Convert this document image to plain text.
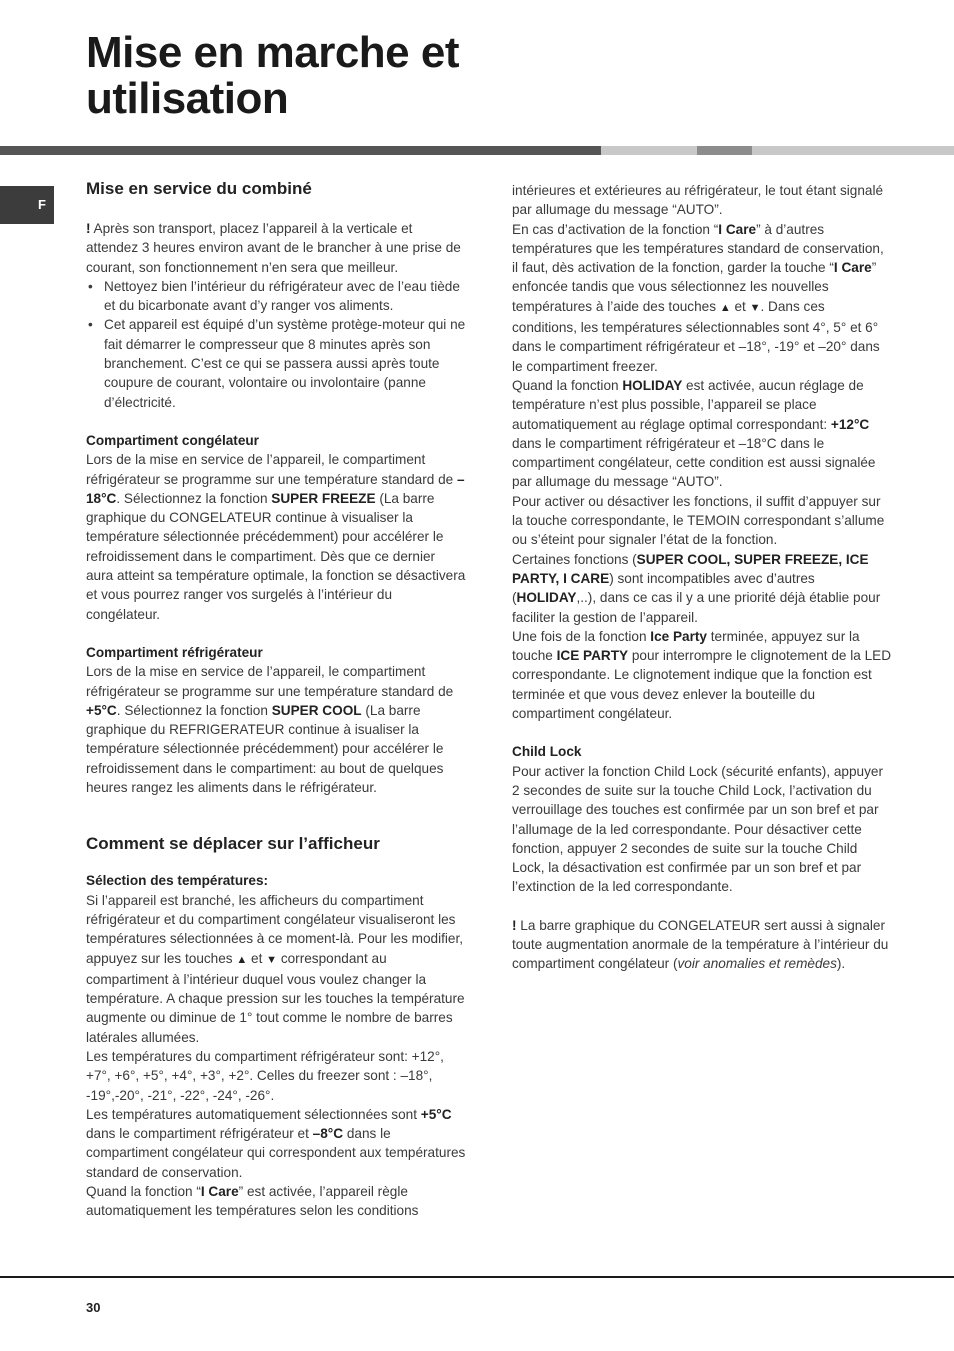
Mise en marche et utilisation
F
Mise en service du combiné

! Après son transport, placez l’appareil à la verticale et attendez 3 heures environ avant de le brancher à une prise de courant, son fonctionnement n’en sera que meilleur.

• Nettoyez bien l’intérieur du réfrigérateur avec de l’eau tiède et du bicarbonate avant d’y ranger vos aliments.
• Cet appareil est équipé d’un système protège-moteur qui ne fait démarrer le compresseur que 8 minutes après son branchement. C’est ce qui se passera aussi après toute coupure de courant, volontaire ou involontaire (panne d’électricité.

Compartiment congélateur

Lors de la mise en service de l’appareil, le compartiment réfrigérateur se programme sur une température standard de –18°C. Sélectionnez la fonction SUPER FREEZE (La barre graphique du CONGELATEUR continue à visualiser la température sélectionnée précédemment) pour accélérer le refroidissement dans le compartiment. Dès que ce dernier aura atteint sa température optimale, la fonction se désactivera et vous pourrez ranger vos surgelés à l’intérieur du congélateur.

Compartiment réfrigérateur

Lors de la mise en service de l’appareil, le compartiment réfrigérateur se programme sur une température standard de +5°C. Sélectionnez la fonction SUPER COOL (La barre graphique du REFRIGERATEUR continue à isualiser la température sélectionnée précédemment) pour accélérer le refroidissement dans le compartiment: au bout de quelques heures rangez les aliments dans le réfrigérateur.

Comment se déplacer sur l’afficheur

Sélection des températures:

Si l’appareil est branché, les afficheurs du compartiment réfrigérateur et du compartiment congélateur visualiseront les températures sélectionnées à ce moment-là. Pour les modifier, appuyez sur les touches ▲ et ▼ correspondant au compartiment à l’intérieur duquel vous voulez changer la température. A chaque pression sur les touches la température augmente ou diminue de 1° tout comme le nombre de barres latérales allumées.

Les températures du compartiment réfrigérateur sont: +12°, +7°, +6°, +5°, +4°, +3°, +2°. Celles du freezer sont : –18°, -19°,-20°, -21°, -22°, -24°, -26°.

Les températures automatiquement sélectionnées sont +5°C dans le compartiment réfrigérateur et –8°C dans le compartiment congélateur qui correspondent aux températures standard de conservation.

Quand la fonction “I Care” est activée, l’appareil règle automatiquement les températures selon les conditions

intérieures et extérieures au réfrigérateur, le tout étant signalé par allumage du message “AUTO”.

En cas d’activation de la fonction “I Care” à d’autres températures que les températures standard de conservation, il faut, dès activation de la fonction, garder la touche “I Care” enfoncée tandis que vous sélectionnez les nouvelles températures à l’aide des touches ▲ et ▼. Dans ces conditions, les températures sélectionnables sont 4°, 5° et 6° dans le compartiment réfrigérateur et –18°, -19° et –20° dans le compartiment freezer.

Quand la fonction HOLIDAY est activée, aucun réglage de température n’est plus possible, l’appareil se place automatiquement au réglage optimal correspondant: +12°C dans le compartiment réfrigérateur et –18°C dans le compartiment congélateur, cette condition est aussi signalée par allumage du message “AUTO”.

Pour activer ou désactiver les fonctions, il suffit d’appuyer sur la touche correspondante, le TEMOIN correspondant s’allume ou s’éteint pour signaler l’état de la fonction.

Certaines fonctions (SUPER COOL, SUPER FREEZE, ICE PARTY, I CARE) sont incompatibles avec d’autres (HOLIDAY,..), dans ce cas il y a une priorité déjà établie pour faciliter la gestion de l’appareil.

Une fois de la fonction Ice Party terminée, appuyez sur la touche ICE PARTY pour interrompre le clignotement de la LED correspondante. Le clignotement indique que la fonction est terminée et que vous devez enlever la bouteille du compartiment congélateur.

Child Lock

Pour activer la fonction Child Lock (sécurité enfants), appuyer 2 secondes de suite sur la touche Child Lock, l’activation du verrouillage des touches est confirmée par un son bref et par l’allumage de la led correspondante. Pour désactiver cette fonction, appuyer 2 secondes de suite sur la touche Child Lock, la désactivation est confirmée par un son bref et par l’extinction de la led correspondante.

! La barre graphique du CONGELATEUR sert aussi à signaler toute augmentation anormale de la température à l’intérieur du compartiment congélateur (voir anomalies et remèdes).

30
